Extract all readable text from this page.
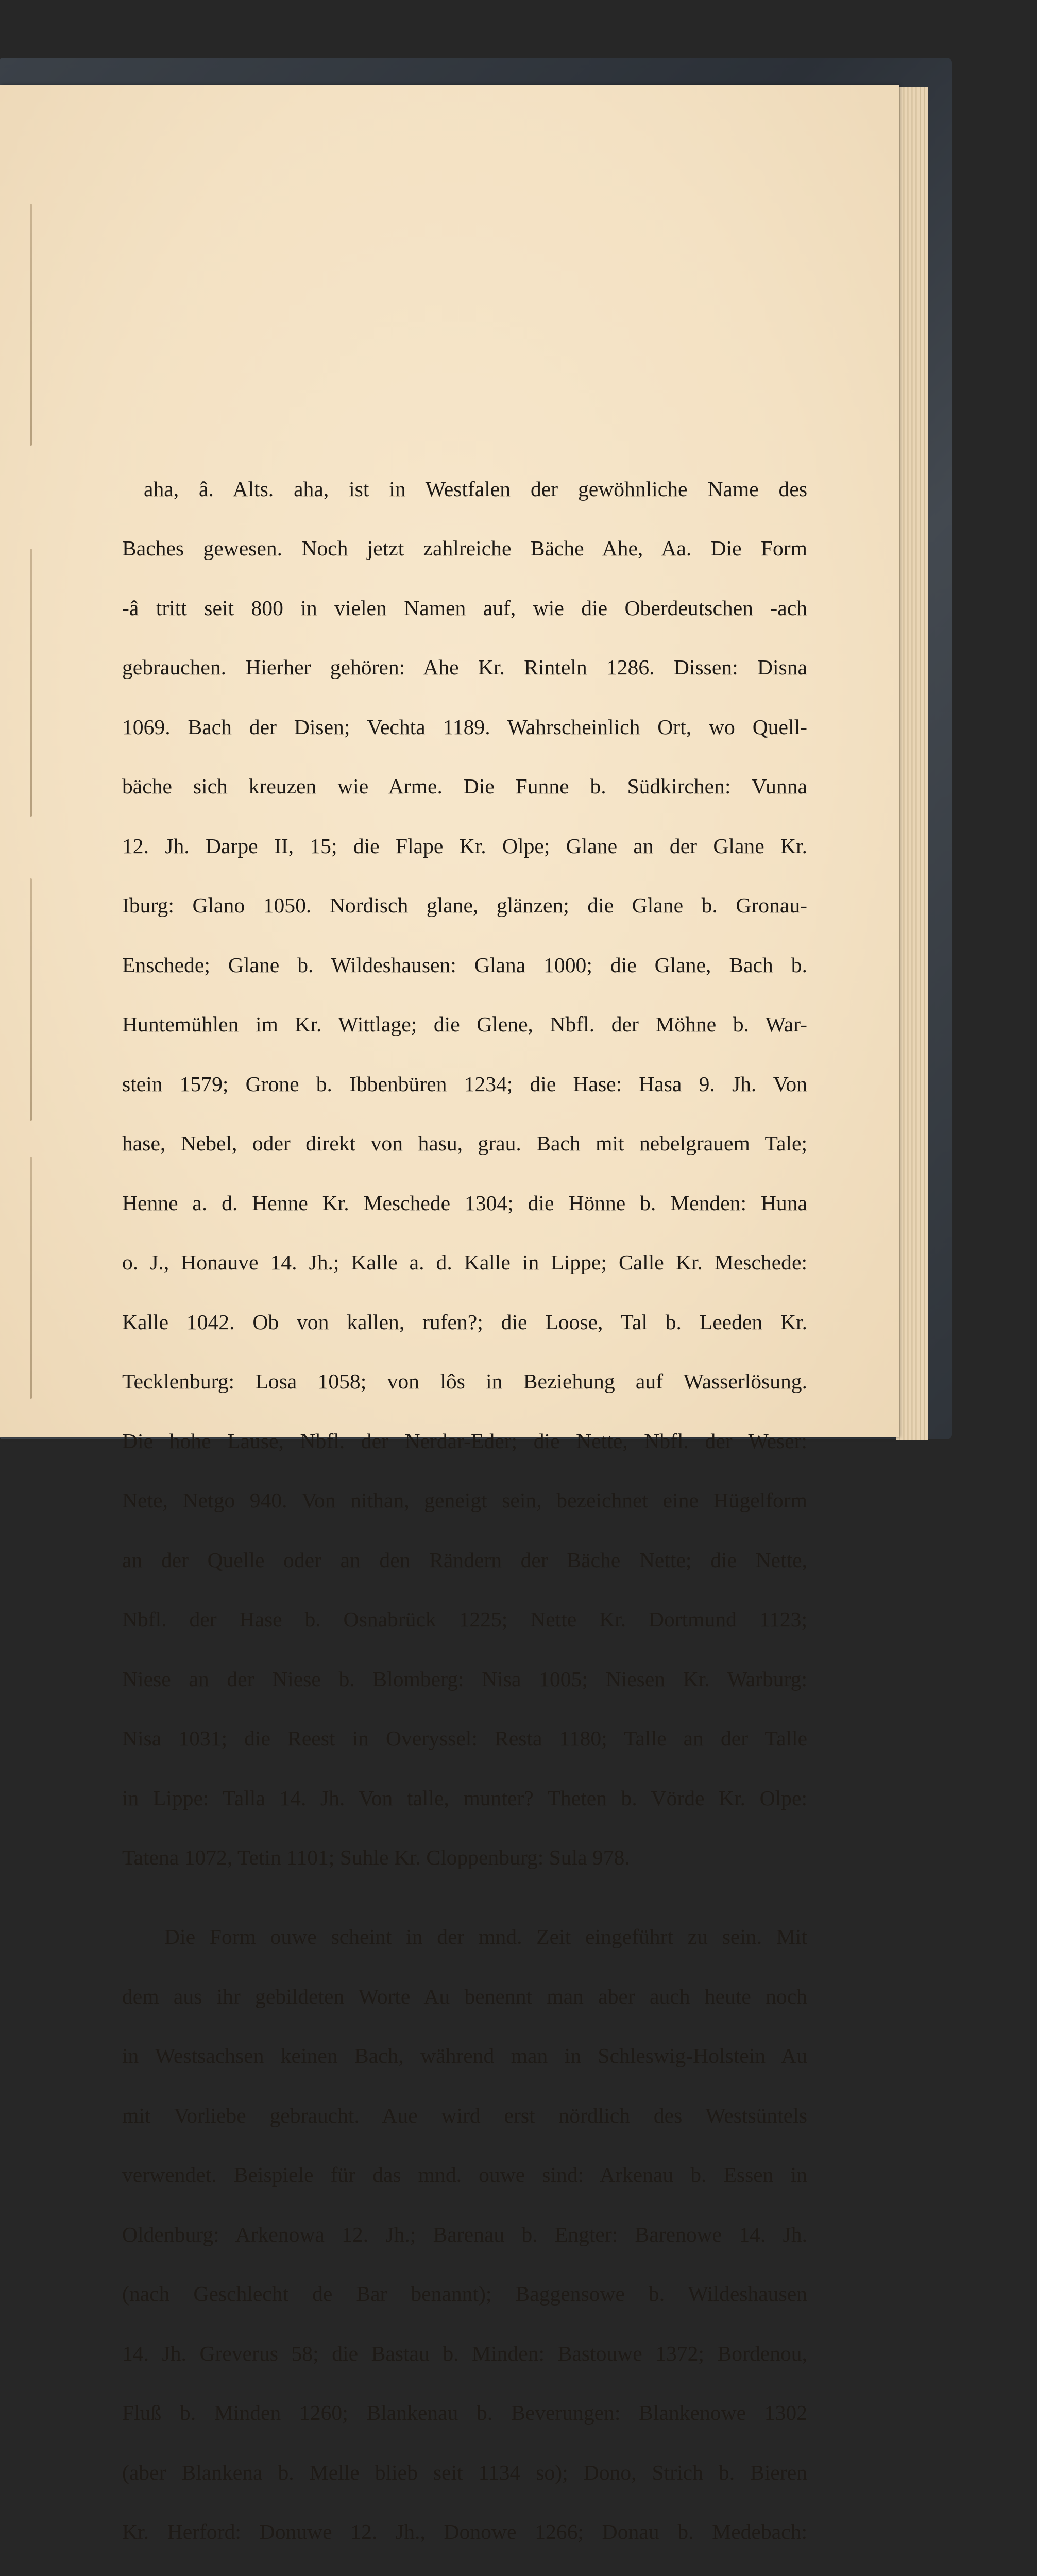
aha, â. Alts. aha, ist in Westfalen der gewöhnliche Name des

Baches gewesen. Noch jetzt zahlreiche Bäche Ahe, Aa. Die Form

-â tritt seit 800 in vielen Namen auf, wie die Oberdeutschen -ach

gebrauchen. Hierher gehören: Ahe Kr. Rinteln 1286. Dissen: Disna

1069. Bach der Disen; Vechta 1189. Wahrscheinlich Ort, wo Quell-

bäche sich kreuzen wie Arme. Die Funne b. Südkirchen: Vunna

12. Jh. Darpe II, 15; die Flape Kr. Olpe; Glane an der Glane Kr.

Iburg: Glano 1050. Nordisch glane, glänzen; die Glane b. Gronau-

Enschede; Glane b. Wildeshausen: Glana 1000; die Glane, Bach b.

Huntemühlen im Kr. Wittlage; die Glene, Nbfl. der Möhne b. War-

stein 1579; Grone b. Ibbenbüren 1234; die Hase: Hasa 9. Jh. Von

hase, Nebel, oder direkt von hasu, grau. Bach mit nebelgrauem Tale;

Henne a. d. Henne Kr. Meschede 1304; die Hönne b. Menden: Huna

o. J., Honauve 14. Jh.; Kalle a. d. Kalle in Lippe; Calle Kr. Meschede:

Kalle 1042. Ob von kallen, rufen?; die Loose, Tal b. Leeden Kr.

Tecklenburg: Losa 1058; von lôs in Beziehung auf Wasserlösung.

Die hohe Lause, Nbfl. der Nerdar-Eder; die Nette, Nbfl. der Weser:

Nete, Netgo 940. Von nithan, geneigt sein, bezeichnet eine Hügelform

an der Quelle oder an den Rändern der Bäche Nette; die Nette,

Nbfl. der Hase b. Osnabrück 1225; Nette Kr. Dortmund 1123;

Niese an der Niese b. Blomberg: Nisa 1005; Niesen Kr. Warburg:

Nisa 1031; die Reest in Overyssel: Resta 1180; Talle an der Talle

in Lippe: Talla 14. Jh. Von talle, munter? Theten b. Vörde Kr. Olpe:

Tatena 1072, Tetin 1101; Suhle Kr. Cloppenburg: Sula 978.

Die Form ouwe scheint in der mnd. Zeit eingeführt zu sein. Mit

dem aus ihr gebildeten Worte Au benennt man aber auch heute noch

in Westsachsen keinen Bach, während man in Schleswig-Holstein Au

mit Vorliebe gebraucht. Aue wird erst nördlich des Westsüntels

verwendet. Beispiele für das mnd. ouwe sind: Arkenau b. Essen in

Oldenburg: Arkenowa 12. Jh.; Barenau b. Engter: Barenowe 14. Jh.

(nach Geschlecht de Bar benannt); Baggensowe b. Wildeshausen

14. Jh. Greverus 58; die Bastau b. Minden: Bastouwe 1372; Bordenou,

Fluß b. Minden 1260; Blankenau b. Beverungen: Blankenowe 1302

(aber Blankena b. Melle blieb seit 1134 so); Dono, Strich b. Bieren

Kr. Herford: Donuwe 12. Jh., Donowe 1266; Donau b. Medebach:
